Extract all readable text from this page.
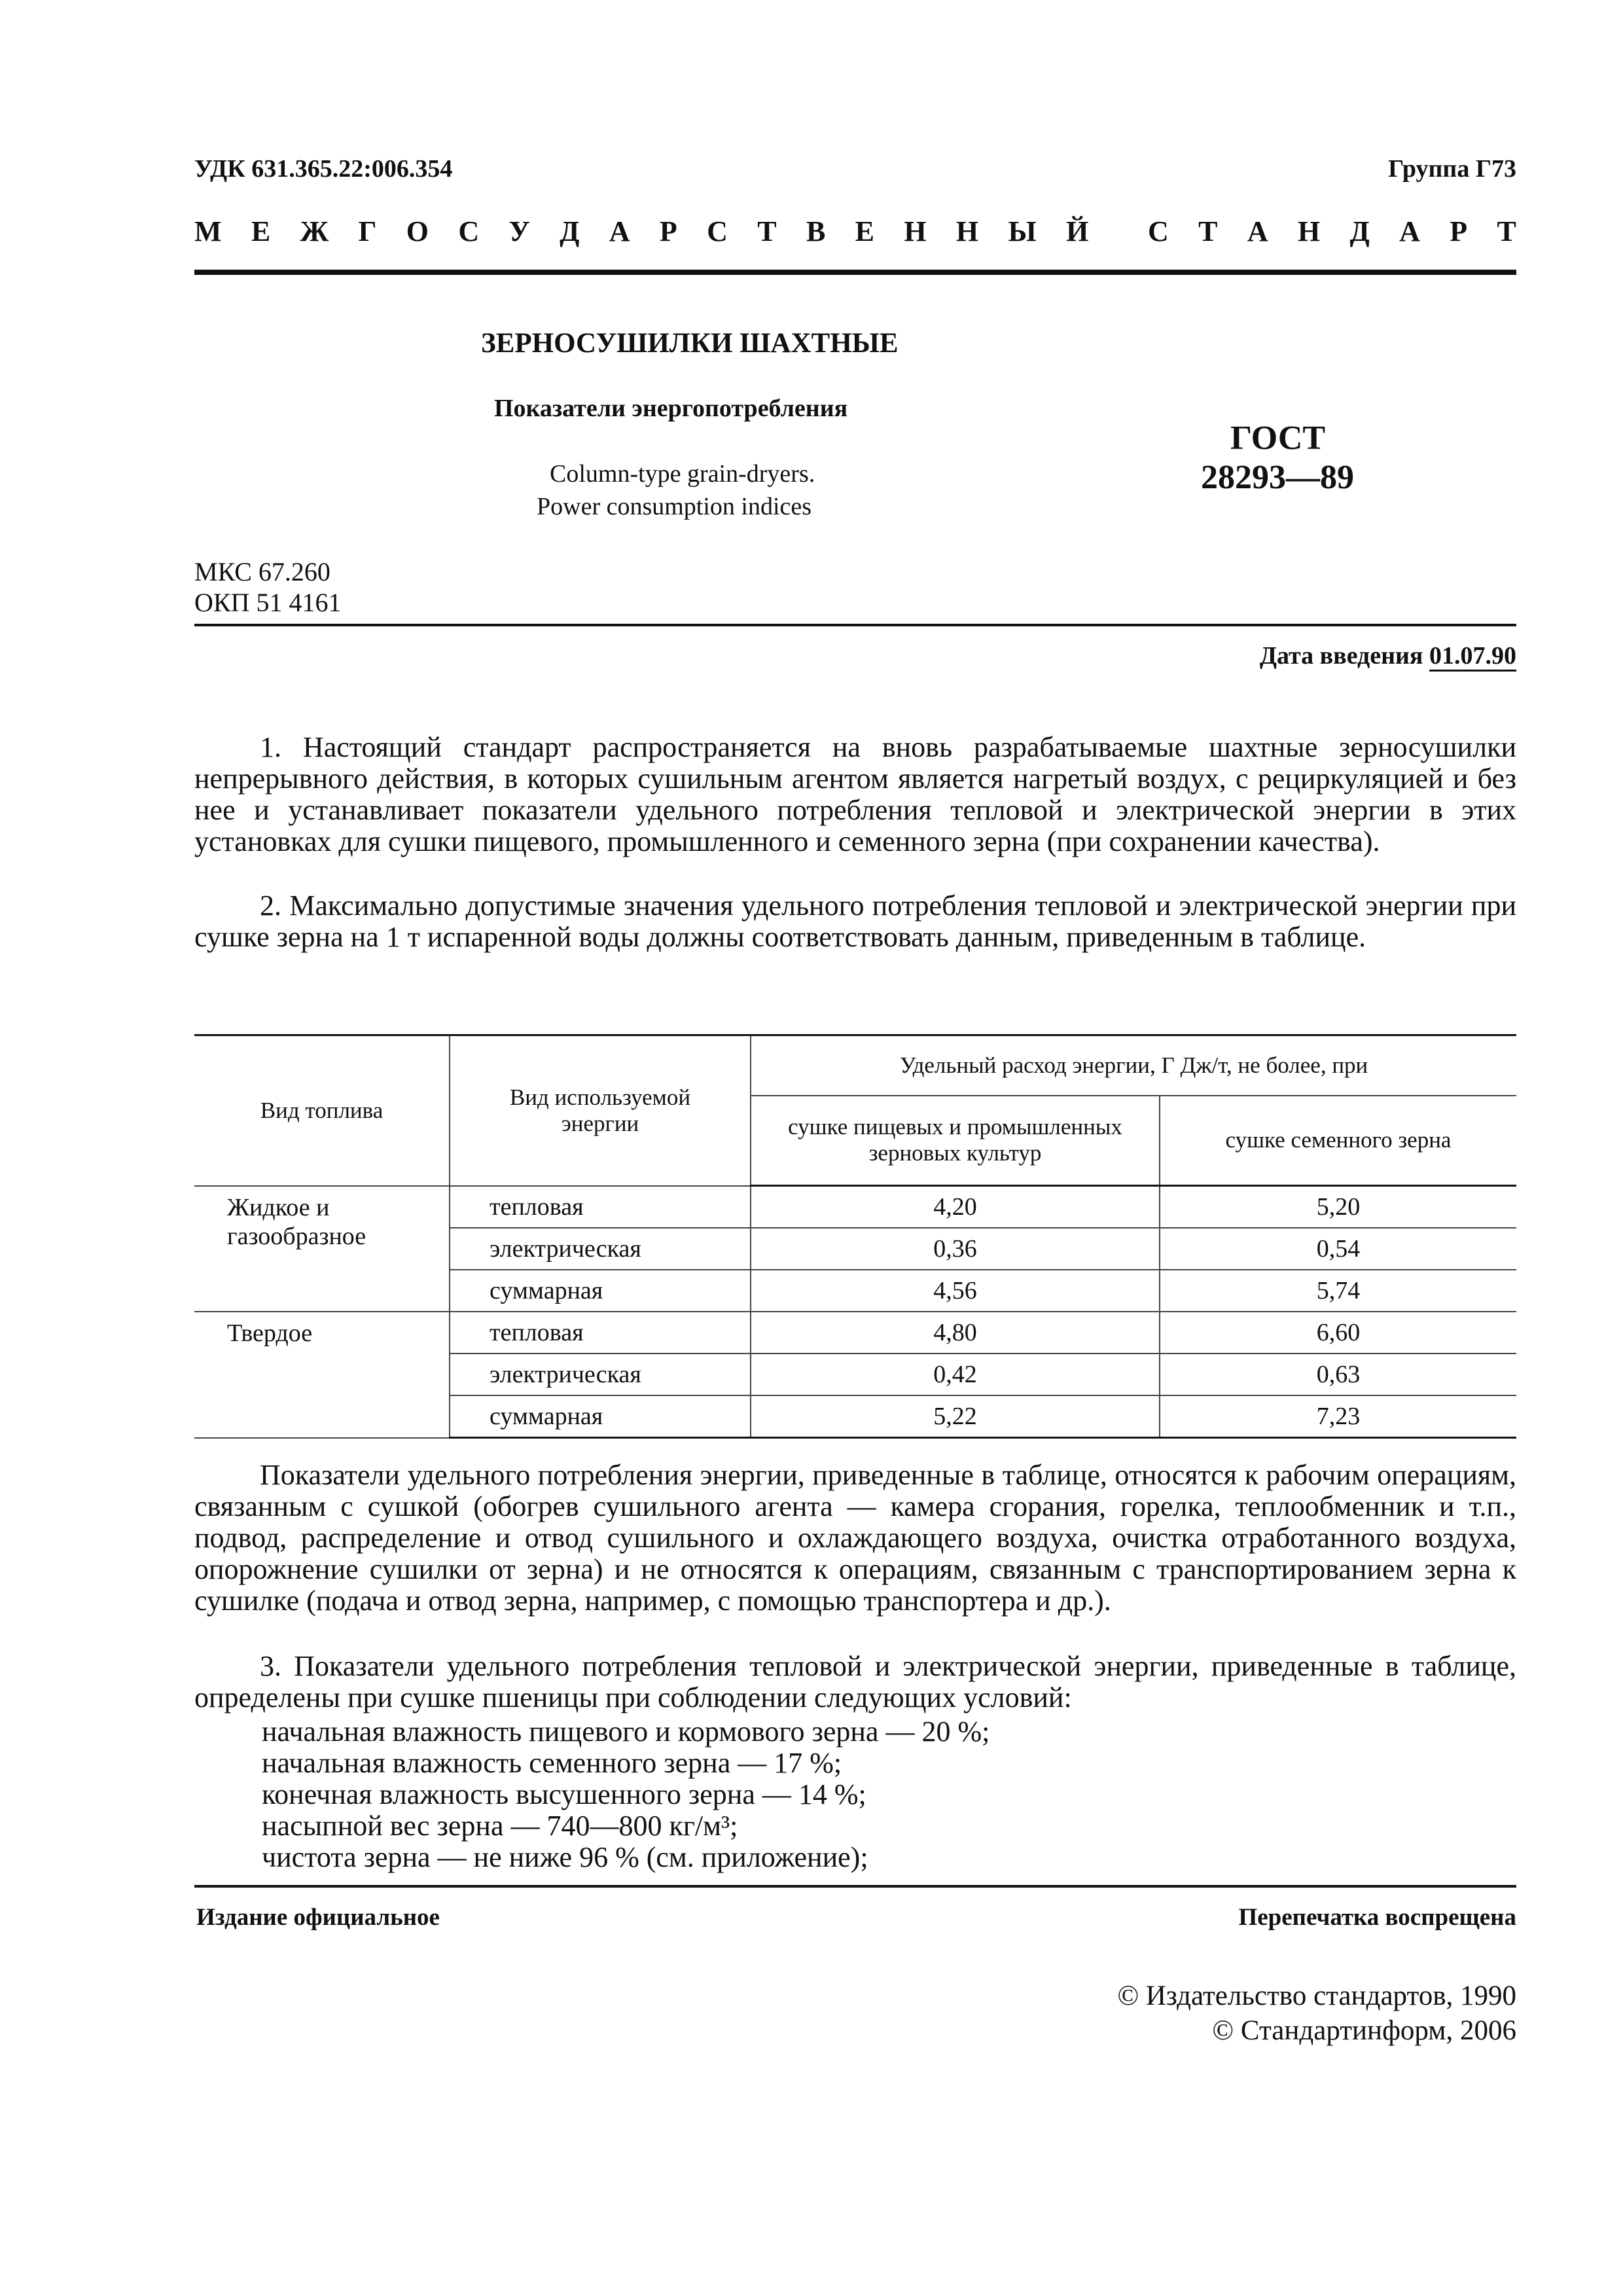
УДК 631.365.22:006.354	Группа Г73
М Е Ж Г О С У Д А Р С Т В Е Н Н Ы Й С Т А Н Д А Р Т
ЗЕРНОСУШИЛКИ ШАХТНЫЕ
Показатели энергопотребления
Column-type grain-dryers.
Power consumption indices
ГОСТ
28293—89
МКС 67.260
ОКП 51 4161
Дата введения 01.07.90
1. Настоящий стандарт распространяется на вновь разрабатываемые шахтные зерносушилки непрерывного действия, в которых сушильным агентом является нагретый воздух, с рециркуляцией и без нее и устанавливает показатели удельного потребления тепловой и электрической энергии в этих установках для сушки пищевого, промышленного и семенного зерна (при сохранении качества).
2. Максимально допустимые значения удельного потребления тепловой и электрической энергии при сушке зерна на 1 т испаренной воды должны соответствовать данным, приведенным в таблице.
Вид топлива	Вид используемой энергии	Удельный расход энергии, Г Дж/т, не более, при	
		сушке пищевых и промышленных зерновых культур	сушке семенного зерна
Жидкое и газообразное	тепловая	4,20	5,20
	электрическая	0,36	0,54
	суммарная	4,56	5,74
Твердое	тепловая	4,80	6,60
	электрическая	0,42	0,63
	суммарная	5,22	7,23
Показатели удельного потребления энергии, приведенные в таблице, относятся к рабочим операциям, связанным с сушкой (обогрев сушильного агента — камера сгорания, горелка, теплообменник и т.п., подвод, распределение и отвод сушильного и охлаждающего воздуха, очистка отработанного воздуха, опорожнение сушилки от зерна) и не относятся к операциям, связанным с транспортированием зерна к сушилке (подача и отвод зерна, например, с помощью транспортера и др.).
3. Показатели удельного потребления тепловой и электрической энергии, приведенные в таблице, определены при сушке пшеницы при соблюдении следующих условий:
начальная влажность пищевого и кормового зерна — 20 %;
начальная влажность семенного зерна — 17 %;
конечная влажность высушенного зерна — 14 %;
насыпной вес зерна — 740—800 кг/м³;
чистота зерна — не ниже 96 % (см. приложение);
Издание официальное	Перепечатка воспрещена
© Издательство стандартов, 1990
© Стандартинформ, 2006
